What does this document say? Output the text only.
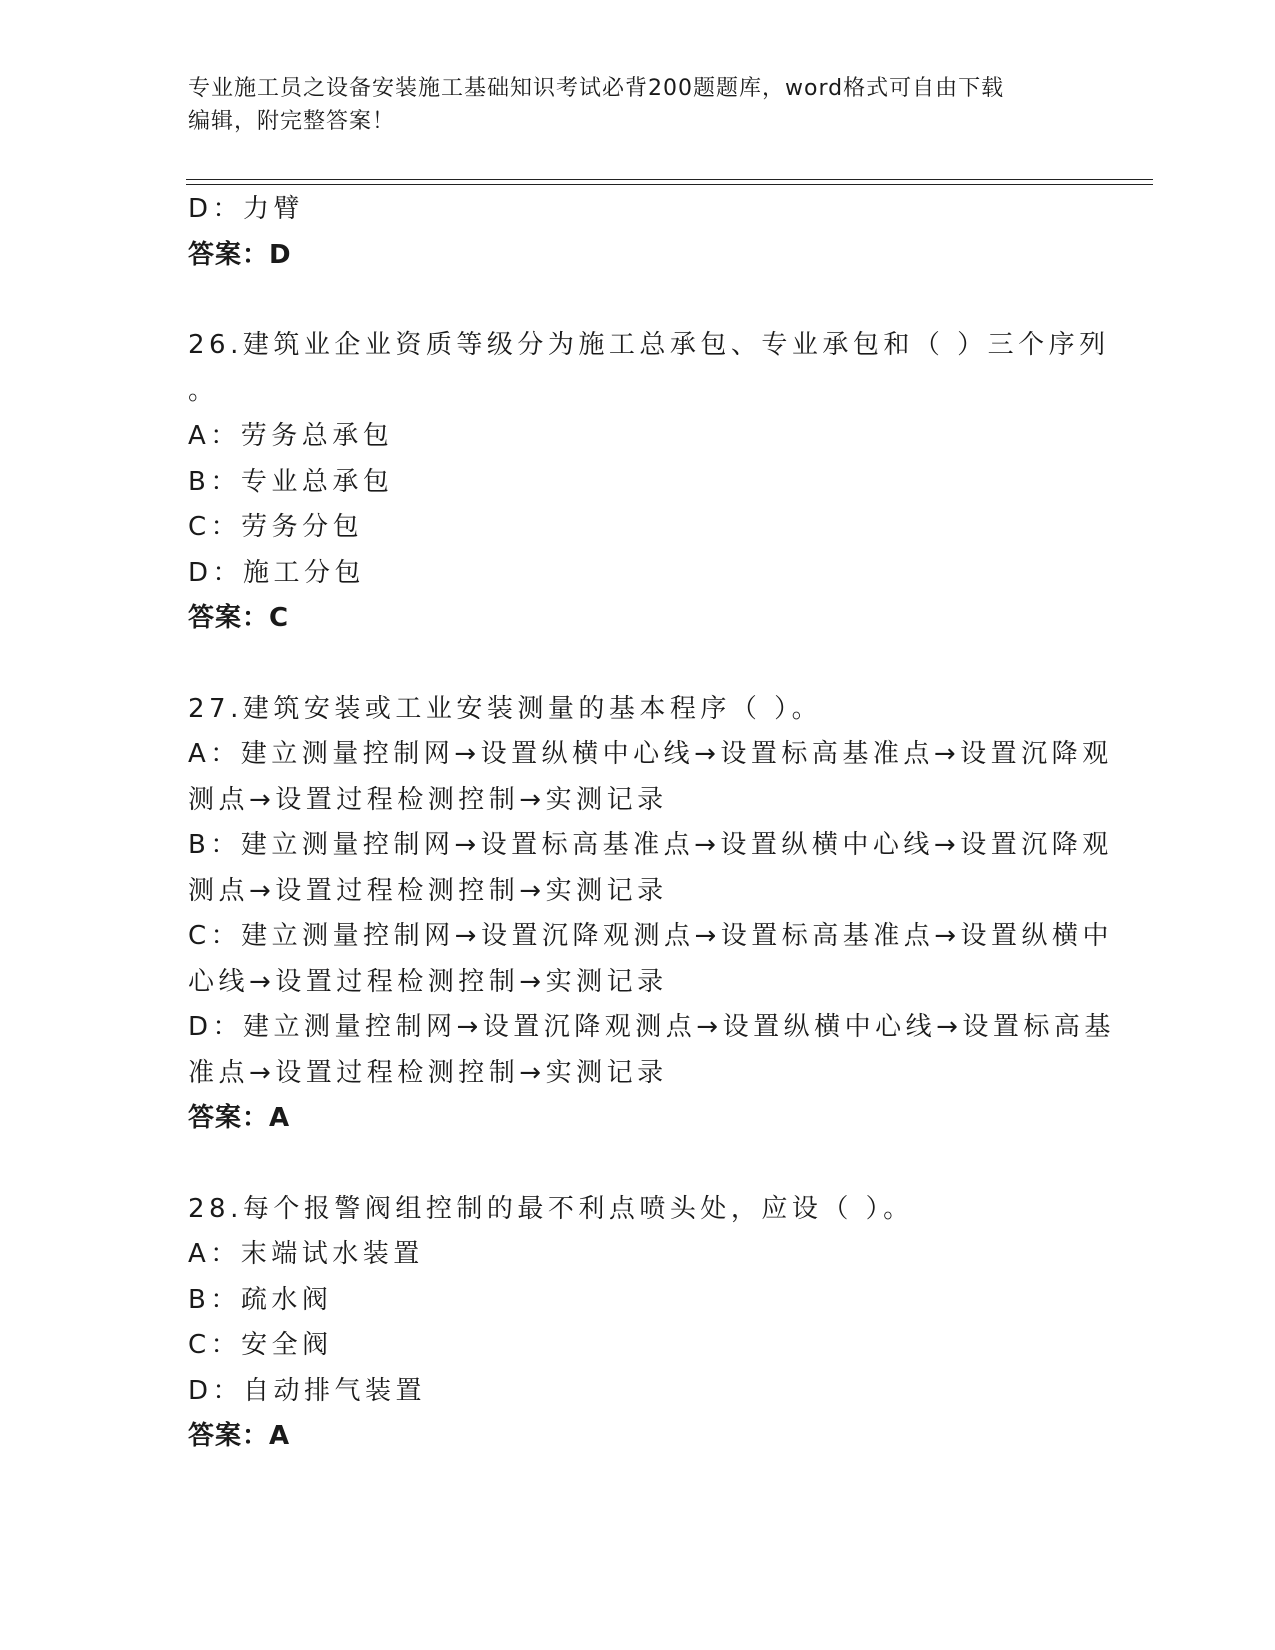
专业施工员之设备安装施工基础知识考试必背200题题库，word格式可自由下载
编辑，附完整答案！
D：力臂
答案：D
26.建筑业企业资质等级分为施工总承包、专业承包和（ ）三个序列
。
A：劳务总承包
B：专业总承包
C：劳务分包
D：施工分包
答案：C
27.建筑安装或工业安装测量的基本程序（ ）。
A：建立测量控制网→设置纵横中心线→设置标高基准点→设置沉降观
测点→设置过程检测控制→实测记录
B：建立测量控制网→设置标高基准点→设置纵横中心线→设置沉降观
测点→设置过程检测控制→实测记录
C：建立测量控制网→设置沉降观测点→设置标高基准点→设置纵横中
心线→设置过程检测控制→实测记录
D：建立测量控制网→设置沉降观测点→设置纵横中心线→设置标高基
准点→设置过程检测控制→实测记录
答案：A
28.每个报警阀组控制的最不利点喷头处，应设（ ）。
A：末端试水装置
B：疏水阀
C：安全阀
D：自动排气装置
答案：A
